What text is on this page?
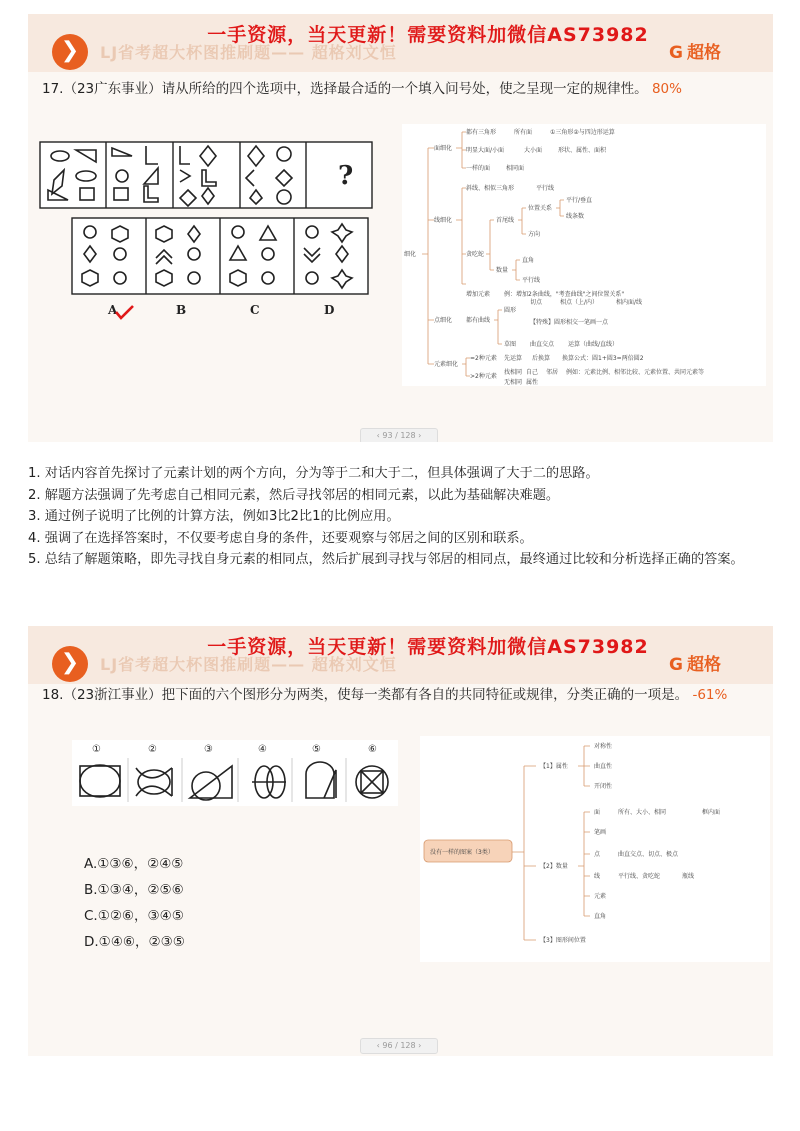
❯	LJ省考超大杯图推刷题—— 超格刘文恒	G 超格
一手资源，当天更新！需要资料加微信AS73982
17.（23广东事业）请从所给的四个选项中，选择最合适的一个填入问号处，使之呈现一定的规律性。 80%
?
A	B	C	D
细化
面细化
都有三角形	所有面	①三角形②与四边形运算
明显大面/小面	大小面	形状、属性、面积
一样的面	相同面
线细化
斜线、相似三角形	平行线
贪吃蛇
首尾线
位置关系
平行/垂直
线条数
方向
数量
直角
平行线
增加元素 例：增加2条曲线，"考查曲线"之间位置关系"
点细化 都有曲线
圆形
切点	相点（上/内）	相内面/线
【特殊】圆形相交一笔画一点
草图 曲直交点 运算（曲线/直线）
元素细化
=2种元素 先运算 后换算 换算公式：圆1+圆3=两倍圆2
>2种元素
找相同 自己 邻居 例如：元素比例、相邻比较、元素位置、共同元素等
无相同 属性
‹ 93 / 128 ›

1. 对话内容首先探讨了元素计划的两个方向，分为等于二和大于二，但具体强调了大于二的思路。

2. 解题方法强调了先考虑自己相同元素，然后寻找邻居的相同元素，以此为基础解决难题。

3. 通过例子说明了比例的计算方法，例如3比2比1的比例应用。

4. 强调了在选择答案时，不仅要考虑自身的条件，还要观察与邻居之间的区别和联系。

5. 总结了解题策略，即先寻找自身元素的相同点，然后扩展到寻找与邻居的相同点，最终通过比较和分析选择正确的答案。

❯	LJ省考超大杯图推刷题—— 超格刘文恒	G 超格
一手资源，当天更新！需要资料加微信AS73982
18.（23浙江事业）把下面的六个图形分为两类，使每一类都有各自的共同特征或规律，分类正确的一项是。 -61%
①	②	③	④	⑤	⑥
A.①③⑥，②④⑤
B.①③④，②⑤⑥
C.①②⑥，③④⑤
D.①④⑥，②③⑤
没有一样的图案（3类）
【1】属性
对称性
曲直性
开闭性
【2】数量
面	所有、大小、相同	框内面
笔画
点	曲直交点、切点、极点
线	平行线、贪吃蛇	瓶线
元素
直角
【3】图形间位置
‹ 96 / 128 ›
